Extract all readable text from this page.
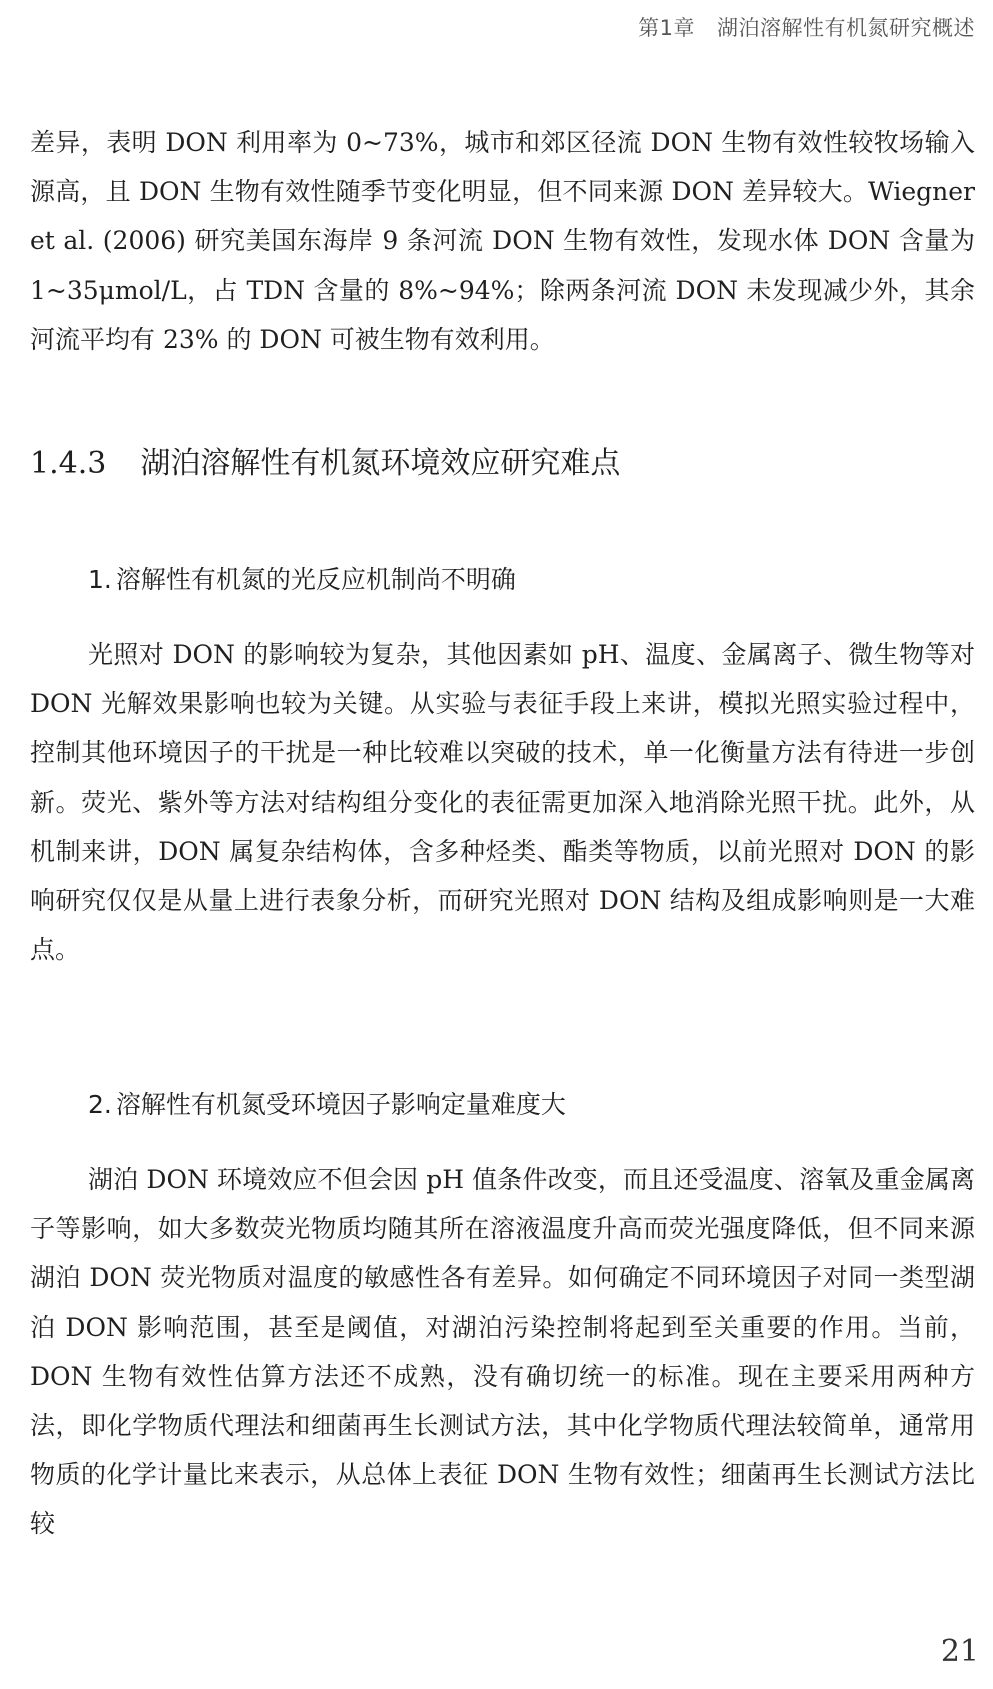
第1章 湖泊溶解性有机氮研究概述

差异，表明 DON 利用率为 0~73%，城市和郊区径流 DON 生物有效性较牧场输入源高，且 DON 生物有效性随季节变化明显，但不同来源 DON 差异较大。Wiegner et al. (2006) 研究美国东海岸 9 条河流 DON 生物有效性，发现水体 DON 含量为 1~35μmol/L，占 TDN 含量的 8%~94%；除两条河流 DON 未发现减少外，其余河流平均有 23% 的 DON 可被生物有效利用。

1.4.3 湖泊溶解性有机氮环境效应研究难点
1. 溶解性有机氮的光反应机制尚不明确

光照对 DON 的影响较为复杂，其他因素如 pH、温度、金属离子、微生物等对 DON 光解效果影响也较为关键。从实验与表征手段上来讲，模拟光照实验过程中，控制其他环境因子的干扰是一种比较难以突破的技术，单一化衡量方法有待进一步创新。荧光、紫外等方法对结构组分变化的表征需更加深入地消除光照干扰。此外，从机制来讲，DON 属复杂结构体，含多种烃类、酯类等物质，以前光照对 DON 的影响研究仅仅是从量上进行表象分析，而研究光照对 DON 结构及组成影响则是一大难点。

2. 溶解性有机氮受环境因子影响定量难度大

湖泊 DON 环境效应不但会因 pH 值条件改变，而且还受温度、溶氧及重金属离子等影响，如大多数荧光物质均随其所在溶液温度升高而荧光强度降低，但不同来源湖泊 DON 荧光物质对温度的敏感性各有差异。如何确定不同环境因子对同一类型湖泊 DON 影响范围，甚至是阈值，对湖泊污染控制将起到至关重要的作用。当前，DON 生物有效性估算方法还不成熟，没有确切统一的标准。现在主要采用两种方法，即化学物质代理法和细菌再生长测试方法，其中化学物质代理法较简单，通常用物质的化学计量比来表示，从总体上表征 DON 生物有效性；细菌再生长测试方法比较

21
